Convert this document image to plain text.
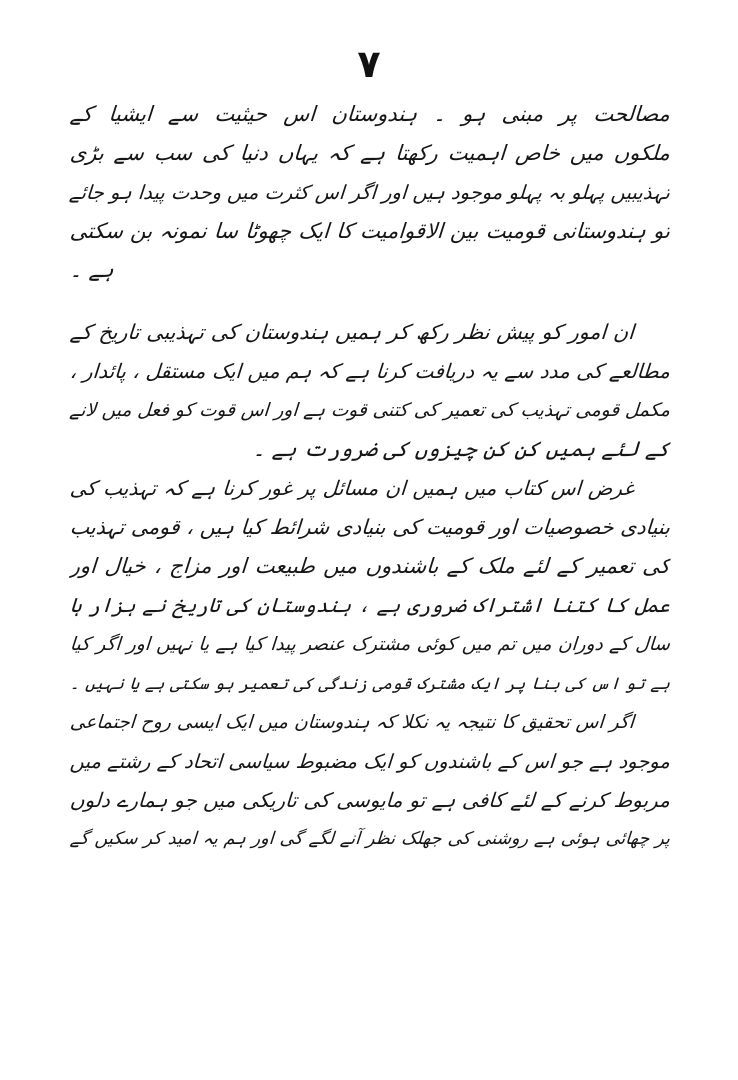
۷
مصالحت پر مبنی ہو ۔ ہندوستان اس حیثیت سے ایشیا کے
ملکوں میں خاص اہمیت رکھتا ہے کہ یہاں دنیا کی سب سے بڑی
تہذیبیں پہلو بہ پہلو موجود ہیں اور اگر اس کثرت میں وحدت پیدا ہو جائے
تو ہندوستانی قومیت بین الاقوامیت کا ایک چھوٹا سا نمونہ بن سکتی
ہے ۔
ان امور کو پیش نظر رکھ کر ہمیں ہندوستان کی تہذیبی تاریخ کے
مطالعے کی مدد سے یہ دریافت کرنا ہے کہ ہم میں ایک مستقل ، پائدار ،
مکمل قومی تہذیب کی تعمیر کی کتنی قوت ہے اور اس قوت کو فعل میں لانے
کے لئے ہمیں کن کن چیزوں کی ضرورت ہے ۔
غرض اس کتاب میں ہمیں ان مسائل پر غور کرنا ہے کہ تہذیب کی
بنیادی خصوصیات اور قومیت کی بنیادی شرائط کیا ہیں ، قومی تہذیب
کی تعمیر کے لئے ملک کے باشندوں میں طبیعت اور مزاج ، خیال اور
عمل کا کتنا اشتراک ضروری ہے ، ہندوستان کی تاریخ نے ہزار ہا
سال کے دوران میں تم میں کوئی مشترک عنصر پیدا کیا ہے یا نہیں اور اگر کیا
ہے تو اس کی بنا پر ایک مشترک قومی زندگی کی تعمیر ہو سکتی ہے یا نہیں ۔
اگر اس تحقیق کا نتیجہ یہ نکلا کہ ہندوستان میں ایک ایسی روح اجتماعی
موجود ہے جو اس کے باشندوں کو ایک مضبوط سیاسی اتحاد کے رشتے میں
مربوط کرنے کے لئے کافی ہے تو مایوسی کی تاریکی میں جو ہمارے دلوں
پر چھائی ہوئی ہے روشنی کی جھلک نظر آنے لگے گی اور ہم یہ امید کر سکیں گے
